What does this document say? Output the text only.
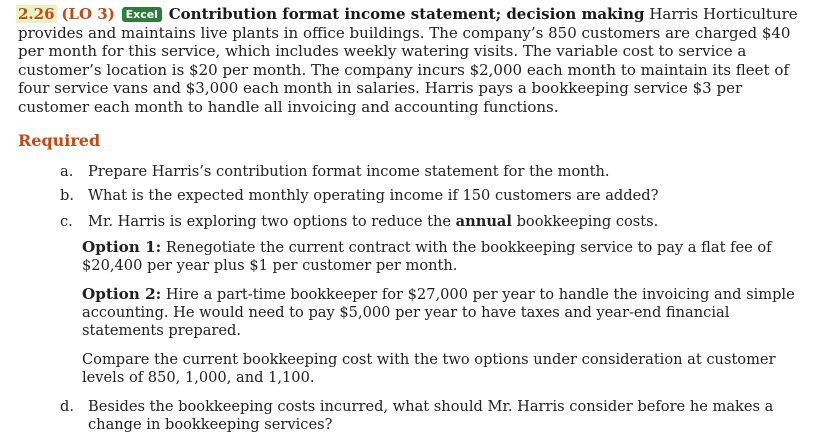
2.26 (LO 3) Excel Contribution format income statement; decision making Harris Horticulture provides and maintains live plants in office buildings. The company’s 850 customers are charged $40 per month for this service, which includes weekly watering visits. The variable cost to service a customer’s location is $20 per month. The company incurs $2,000 each month to maintain its fleet of four service vans and $3,000 each month in salaries. Harris pays a bookkeeping service $3 per customer each month to handle all invoicing and accounting functions.
Required
a.	Prepare Harris’s contribution format income statement for the month.
b. What is the expected monthly operating income if 150 customers are added?
c.	Mr. Harris is exploring two options to reduce the annual bookkeeping costs.
Option 1: Renegotiate the current contract with the bookkeeping service to pay a flat fee of $20,400 per year plus $1 per customer per month.
Option 2: Hire a part-time bookkeeper for $27,000 per year to handle the invoicing and simple accounting. He would need to pay $5,000 per year to have taxes and year-end financial statements prepared.
Compare the current bookkeeping cost with the two options under consideration at customer levels of 850, 1,000, and 1,100.
d. Besides the bookkeeping costs incurred, what should Mr. Harris consider before he makes a change in bookkeeping services?
